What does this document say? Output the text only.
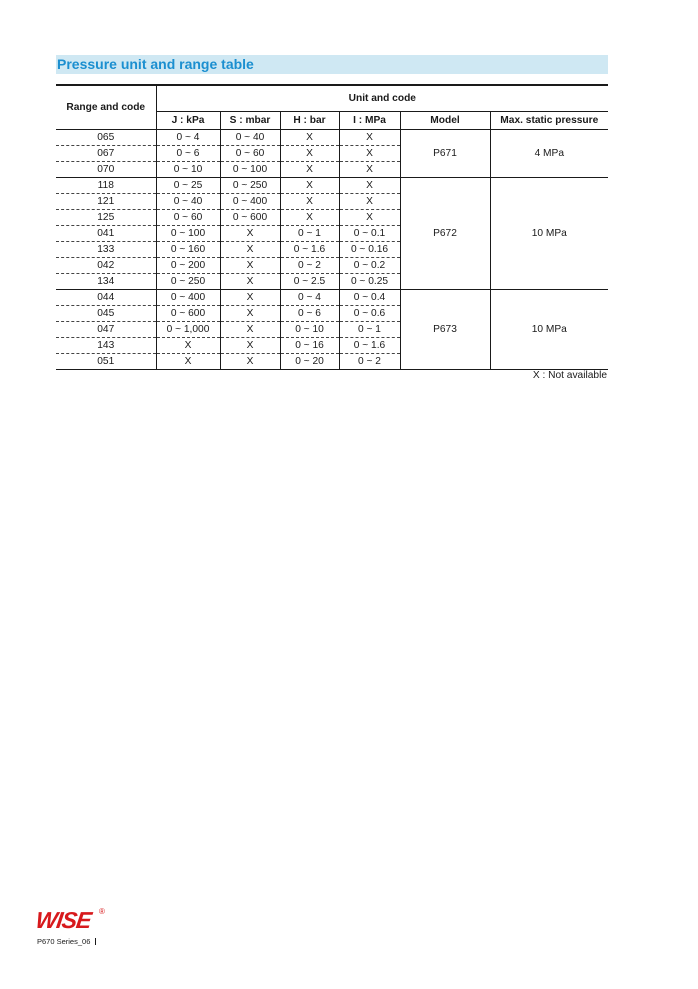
Pressure unit and range table
Range and code	Unit and code					
	J : kPa	S : mbar	H : bar	I : MPa	Model	Max. static pressure
065	0 ~ 4	0 ~ 40	X	X	P671	4 MPa
067	0 ~ 6	0 ~ 60	X	X		
070	0 ~ 10	0 ~ 100	X	X		
118	0 ~ 25	0 ~ 250	X	X	P672	10 MPa
121	0 ~ 40	0 ~ 400	X	X		
125	0 ~ 60	0 ~ 600	X	X		
041	0 ~ 100	X	0 ~ 1	0 ~ 0.1		
133	0 ~ 160	X	0 ~ 1.6	0 ~ 0.16		
042	0 ~ 200	X	0 ~ 2	0 ~ 0.2		
134	0 ~ 250	X	0 ~ 2.5	0 ~ 0.25		
044	0 ~ 400	X	0 ~ 4	0 ~ 0.4	P673	10 MPa
045	0 ~ 600	X	0 ~ 6	0 ~ 0.6		
047	0 ~ 1,000	X	0 ~ 10	0 ~ 1		
143	X	X	0 ~ 16	0 ~ 1.6		
051	X	X	0 ~ 20	0 ~ 2		
X : Not available
WISE ®
P670 Series_06
